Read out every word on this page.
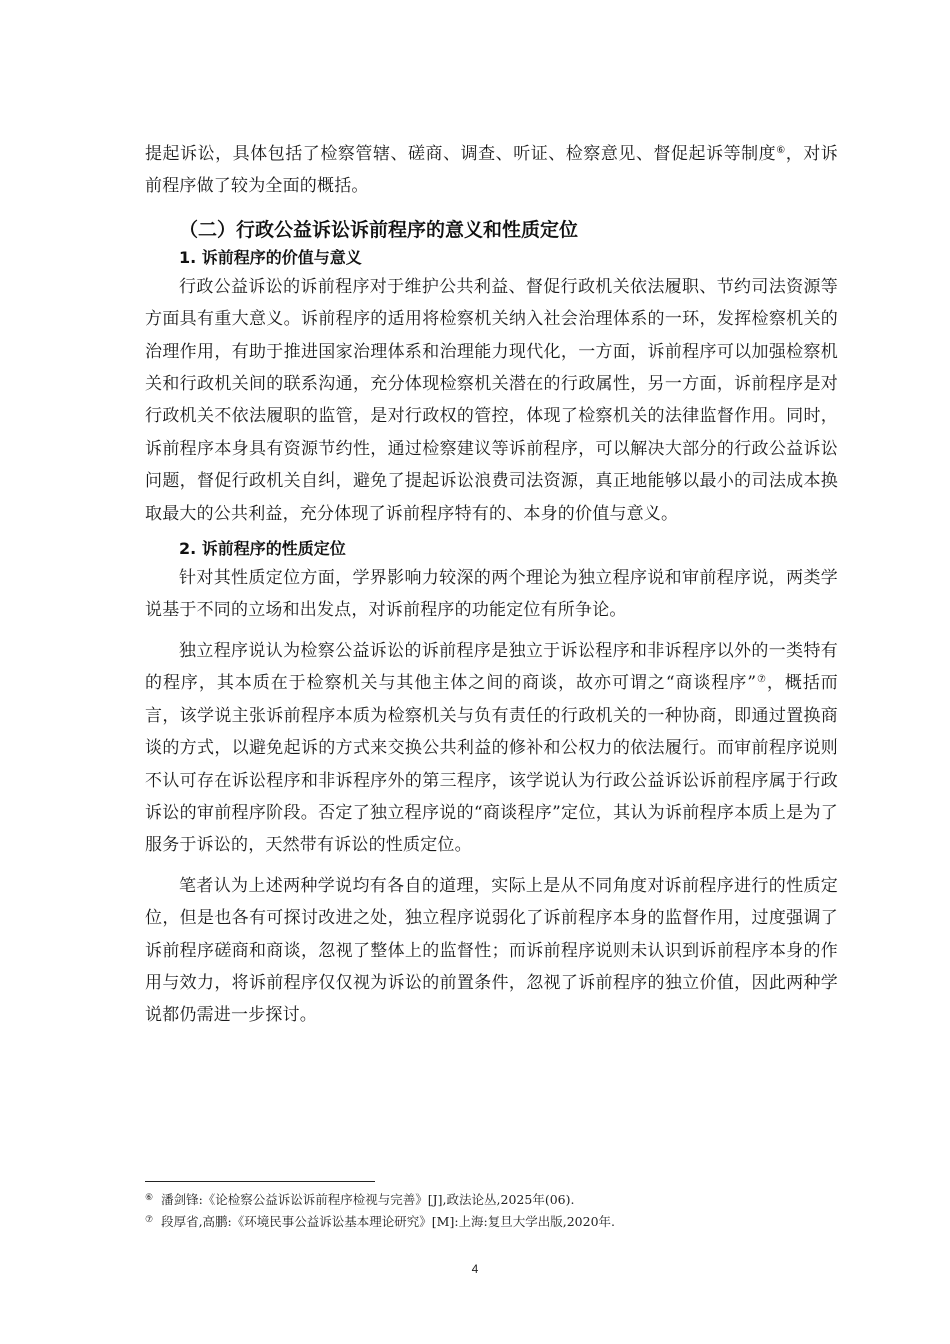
提起诉讼，具体包括了检察管辖、磋商、调查、听证、检察意见、督促起诉等制度⑥，对诉前程序做了较为全面的概括。

（二）行政公益诉讼诉前程序的意义和性质定位
1. 诉前程序的价值与意义

行政公益诉讼的诉前程序对于维护公共利益、督促行政机关依法履职、节约司法资源等方面具有重大意义。诉前程序的适用将检察机关纳入社会治理体系的一环，发挥检察机关的治理作用，有助于推进国家治理体系和治理能力现代化，一方面，诉前程序可以加强检察机关和行政机关间的联系沟通，充分体现检察机关潜在的行政属性，另一方面，诉前程序是对行政机关不依法履职的监管，是对行政权的管控，体现了检察机关的法律监督作用。同时，诉前程序本身具有资源节约性，通过检察建议等诉前程序，可以解决大部分的行政公益诉讼问题，督促行政机关自纠，避免了提起诉讼浪费司法资源，真正地能够以最小的司法成本换取最大的公共利益，充分体现了诉前程序特有的、本身的价值与意义。

2. 诉前程序的性质定位

针对其性质定位方面，学界影响力较深的两个理论为独立程序说和审前程序说，两类学说基于不同的立场和出发点，对诉前程序的功能定位有所争论。

独立程序说认为检察公益诉讼的诉前程序是独立于诉讼程序和非诉程序以外的一类特有的程序，其本质在于检察机关与其他主体之间的商谈，故亦可谓之“商谈程序”⑦，概括而言，该学说主张诉前程序本质为检察机关与负有责任的行政机关的一种协商，即通过置换商谈的方式，以避免起诉的方式来交换公共利益的修补和公权力的依法履行。而审前程序说则不认可存在诉讼程序和非诉程序外的第三程序，该学说认为行政公益诉讼诉前程序属于行政诉讼的审前程序阶段。否定了独立程序说的“商谈程序”定位，其认为诉前程序本质上是为了服务于诉讼的，天然带有诉讼的性质定位。

笔者认为上述两种学说均有各自的道理，实际上是从不同角度对诉前程序进行的性质定位，但是也各有可探讨改进之处，独立程序说弱化了诉前程序本身的监督作用，过度强调了诉前程序磋商和商谈，忽视了整体上的监督性；而诉前程序说则未认识到诉前程序本身的作用与效力，将诉前程序仅仅视为诉讼的前置条件，忽视了诉前程序的独立价值，因此两种学说都仍需进一步探讨。

⑥ 潘剑锋:《论检察公益诉讼诉前程序检视与完善》[J],政法论丛,2025年(06).
⑦ 段厚省,高鹏:《环境民事公益诉讼基本理论研究》[M]:上海:复旦大学出版,2020年.
4
